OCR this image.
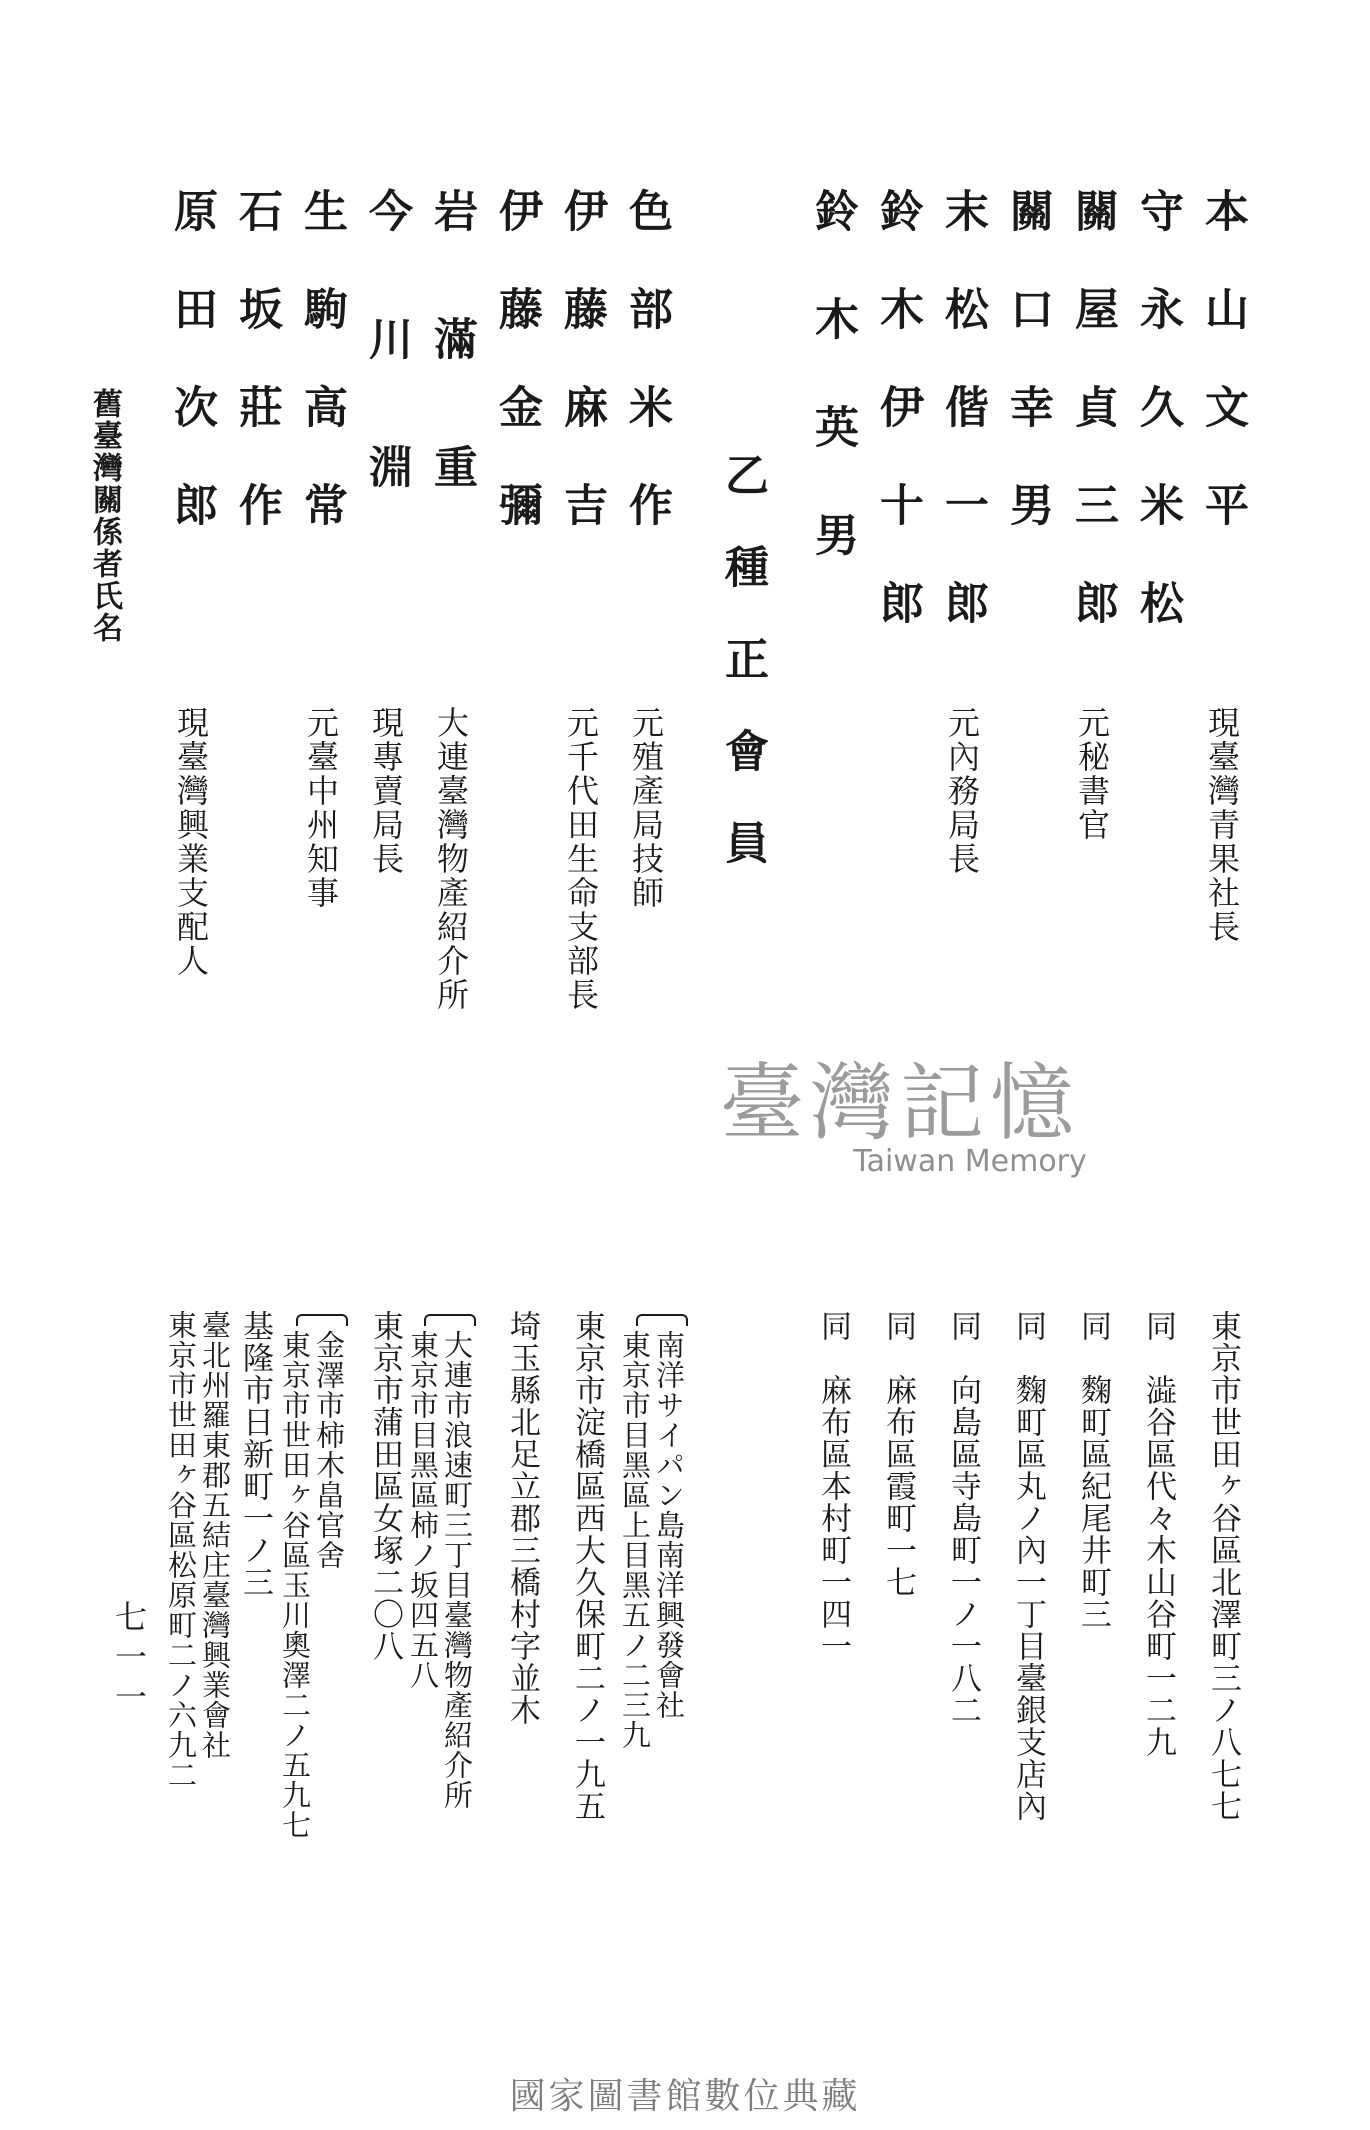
舊臺灣關係者氏名	本山文平
守永久米松
關屋貞三郎
關口幸男
末松偕一郎
鈴木伊十郎
鈴木英男
乙種正會員
色部米作
伊藤麻吉
伊藤金彌
岩滿重
今川淵
生駒高常
石坂莊作
原田次郎
現臺灣青果社長
元秘書官
元內務局長
元殖產局技師
元千代田生命支部長
大連臺灣物產紹介所
現專賣局長
元臺中州知事
現臺灣興業支配人
臺灣記憶
Taiwan Memory
東京市世田ヶ谷區北澤町三ノ八七七
同　澁谷區代々木山谷町一二九
同　麴町區紀尾井町三
同　麴町區丸ノ內一丁目臺銀支店內
同　向島區寺島町一ノ一八二
同　麻布區霞町一七
同　麻布區本村町一四一
南洋サイパン島南洋興發會社
東京市目黑區上目黑五ノ二三九
東京市淀橋區西大久保町二ノ一九五
埼玉縣北足立郡三橋村字並木
大連市浪速町三丁目臺灣物產紹介所
東京市目黑區柿ノ坂四五八
東京市蒲田區女塚二〇八
金澤市柿木畠官舍
東京市世田ヶ谷區玉川奧澤二ノ五九七
基隆市日新町一ノ三
臺北州羅東郡五結庄臺灣興業會社
東京市世田ヶ谷區松原町二ノ六九二
七一一
國家圖書館數位典藏
